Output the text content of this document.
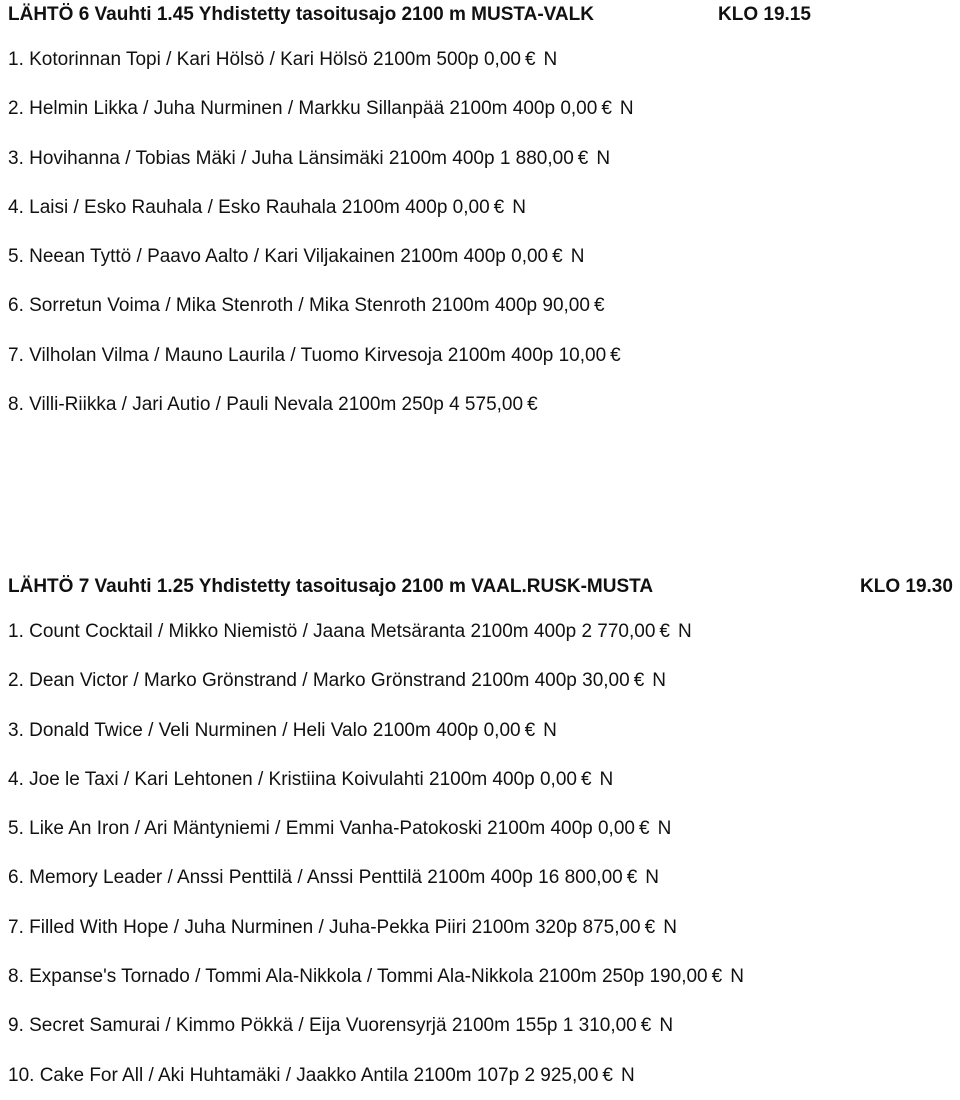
LÄHTÖ 6 Vauhti 1.45 Yhdistetty tasoitusajo 2100 m MUSTA-VALK	KLO 19.15
1. Kotorinnan Topi / Kari Hölsö / Kari Hölsö 2100m 500p 0,00 € N
2. Helmin Likka / Juha Nurminen / Markku Sillanpää 2100m 400p 0,00 € N
3. Hovihanna / Tobias Mäki / Juha Länsimäki 2100m 400p 1 880,00 € N
4. Laisi / Esko Rauhala / Esko Rauhala 2100m 400p 0,00 € N
5. Neean Tyttö / Paavo Aalto / Kari Viljakainen 2100m 400p 0,00 € N
6. Sorretun Voima / Mika Stenroth / Mika Stenroth 2100m 400p 90,00 €
7. Vilholan Vilma / Mauno Laurila / Tuomo Kirvesoja 2100m 400p 10,00 €
8. Villi-Riikka / Jari Autio / Pauli Nevala 2100m 250p 4 575,00 €
LÄHTÖ 7 Vauhti 1.25 Yhdistetty tasoitusajo 2100 m VAAL.RUSK-MUSTA	KLO 19.30
1. Count Cocktail / Mikko Niemistö / Jaana Metsäranta 2100m 400p 2 770,00 € N
2. Dean Victor / Marko Grönstrand / Marko Grönstrand 2100m 400p 30,00 € N
3. Donald Twice / Veli Nurminen / Heli Valo 2100m 400p 0,00 € N
4. Joe le Taxi / Kari Lehtonen / Kristiina Koivulahti 2100m 400p 0,00 € N
5. Like An Iron / Ari Mäntyniemi / Emmi Vanha-Patokoski 2100m 400p 0,00 € N
6. Memory Leader / Anssi Penttilä / Anssi Penttilä 2100m 400p 16 800,00 € N
7. Filled With Hope / Juha Nurminen / Juha-Pekka Piiri 2100m 320p 875,00 € N
8. Expanse's Tornado / Tommi Ala-Nikkola / Tommi Ala-Nikkola 2100m 250p 190,00 € N
9. Secret Samurai / Kimmo Pökkä / Eija Vuorensyrjä 2100m 155p 1 310,00 € N
10. Cake For All / Aki Huhtamäki / Jaakko Antila 2100m 107p 2 925,00 € N
